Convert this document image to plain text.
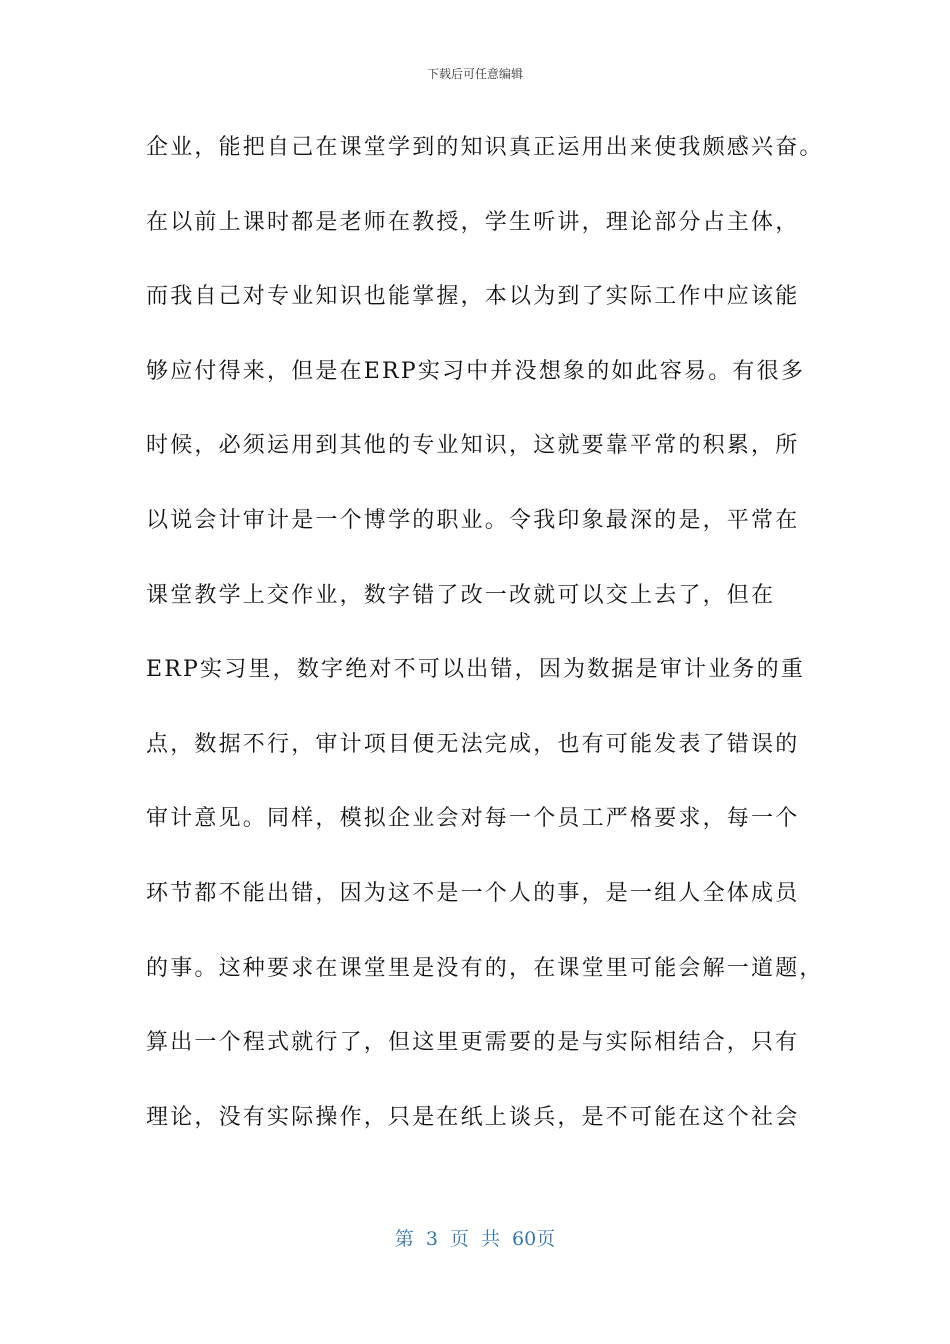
下载后可任意编辑
企业，能把自己在课堂学到的知识真正运用出来使我颇感兴奋。
在以前上课时都是老师在教授，学生听讲，理论部分占主体，
而我自己对专业知识也能掌握，本以为到了实际工作中应该能
够应付得来，但是在ERP实习中并没想象的如此容易。有很多
时候，必须运用到其他的专业知识，这就要靠平常的积累，所
以说会计审计是一个博学的职业。令我印象最深的是，平常在
课堂教学上交作业，数字错了改一改就可以交上去了，但在
ERP实习里，数字绝对不可以出错，因为数据是审计业务的重
点，数据不行，审计项目便无法完成，也有可能发表了错误的
审计意见。同样，模拟企业会对每一个员工严格要求，每一个
环节都不能出错，因为这不是一个人的事，是一组人全体成员
的事。这种要求在课堂里是没有的，在课堂里可能会解一道题，
算出一个程式就行了，但这里更需要的是与实际相结合，只有
理论，没有实际操作，只是在纸上谈兵，是不可能在这个社会
第 3 页 共 60页
